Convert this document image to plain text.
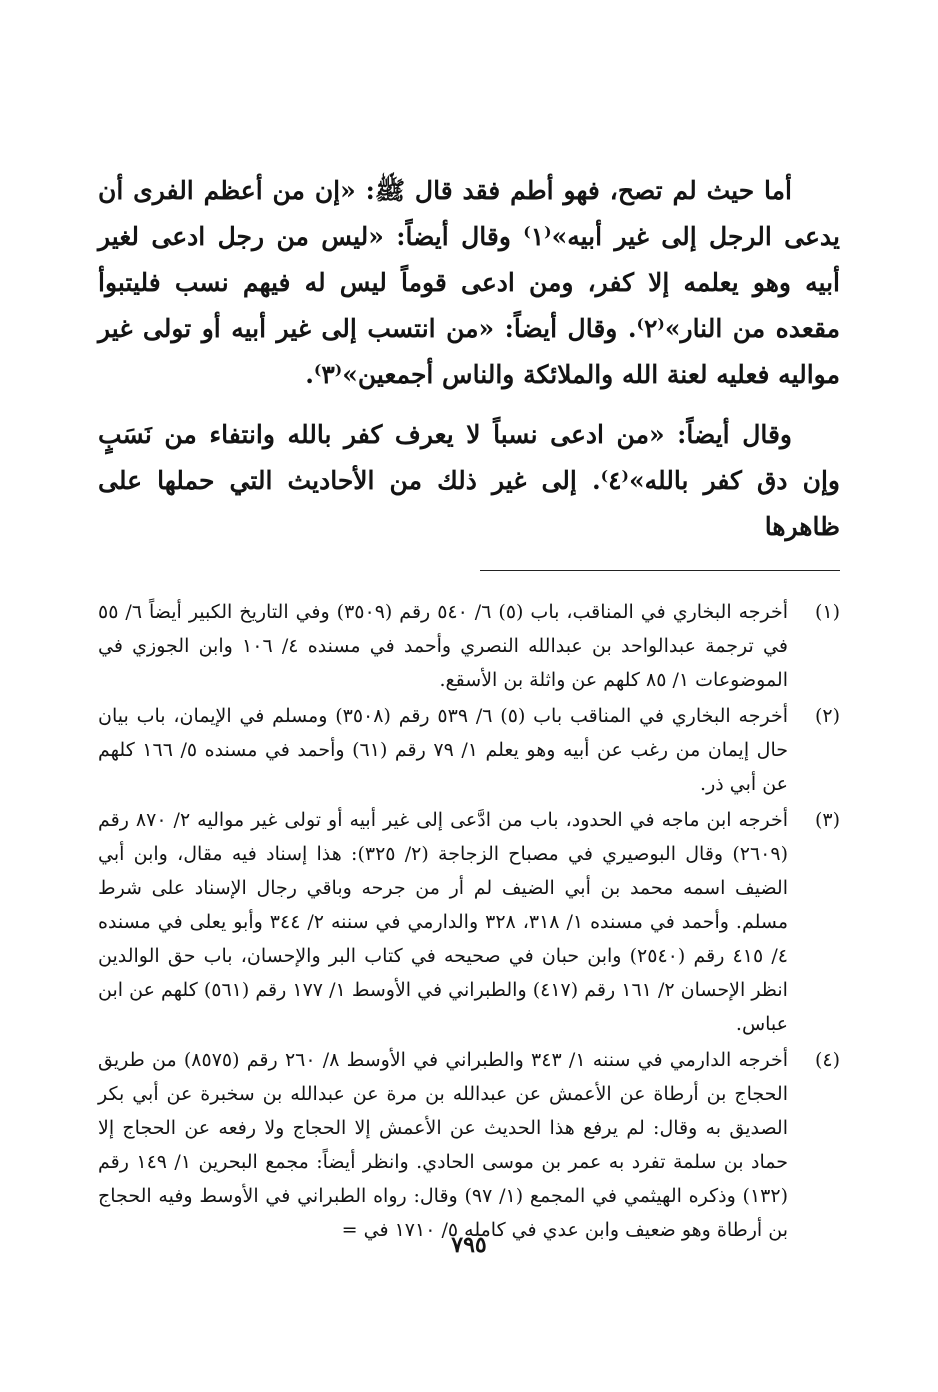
أما حيث لم تصح، فهو أطم فقد قال ﷺ: «إن من أعظم الفرى أن يدعى الرجل إلى غير أبيه»⁽١⁾ وقال أيضاً: «ليس من رجل ادعى لغير أبيه وهو يعلمه إلا كفر، ومن ادعى قوماً ليس له فيهم نسب فليتبوأ مقعده من النار»⁽٢⁾. وقال أيضاً: «من انتسب إلى غير أبيه أو تولى غير مواليه فعليه لعنة الله والملائكة والناس أجمعين»⁽٣⁾.

وقال أيضاً: «من ادعى نسباً لا يعرف كفر بالله وانتفاء من نَسَبٍ وإن دق كفر بالله»⁽٤⁾. إلى غير ذلك من الأحاديث التي حملها على ظاهرها

(١)
أخرجه البخاري في المناقب، باب (٥) ٦/ ٥٤٠ رقم (٣٥٠٩) وفي التاريخ الكبير أيضاً ٦/ ٥٥ في ترجمة عبدالواحد بن عبدالله النصري وأحمد في مسنده ٤/ ١٠٦ وابن الجوزي في الموضوعات ١/ ٨٥ كلهم عن واثلة بن الأسقع.
(٢)
أخرجه البخاري في المناقب باب (٥) ٦/ ٥٣٩ رقم (٣٥٠٨) ومسلم في الإيمان، باب بيان حال إيمان من رغب عن أبيه وهو يعلم ١/ ٧٩ رقم (٦١) وأحمد في مسنده ٥/ ١٦٦ كلهم عن أبي ذر.
(٣)
أخرجه ابن ماجه في الحدود، باب من ادَّعى إلى غير أبيه أو تولى غير مواليه ٢/ ٨٧٠ رقم (٢٦٠٩) وقال البوصيري في مصباح الزجاجة (٢/ ٣٢٥): هذا إسناد فيه مقال، وابن أبي الضيف اسمه محمد بن أبي الضيف لم أر من جرحه وباقي رجال الإسناد على شرط مسلم. وأحمد في مسنده ١/ ٣١٨، ٣٢٨ والدارمي في سننه ٢/ ٣٤٤ وأبو يعلى في مسنده ٤/ ٤١٥ رقم (٢٥٤٠) وابن حبان في صحيحه في كتاب البر والإحسان، باب حق الوالدين انظر الإحسان ٢/ ١٦١ رقم (٤١٧) والطبراني في الأوسط ١/ ١٧٧ رقم (٥٦١) كلهم عن ابن عباس.
(٤)
أخرجه الدارمي في سننه ١/ ٣٤٣ والطبراني في الأوسط ٨/ ٢٦٠ رقم (٨٥٧٥) من طريق الحجاج بن أرطاة عن الأعمش عن عبدالله بن مرة عن عبدالله بن سخبرة عن أبي بكر الصديق به وقال: لم يرفع هذا الحديث عن الأعمش إلا الحجاج ولا رفعه عن الحجاج إلا حماد بن سلمة تفرد به عمر بن موسى الحادي. وانظر أيضاً: مجمع البحرين ١/ ١٤٩ رقم (١٣٢) وذكره الهيثمي في المجمع (١/ ٩٧) وقال: رواه الطبراني في الأوسط وفيه الحجاج بن أرطاة وهو ضعيف وابن عدي في كامله ٥/ ١٧١٠ في =
٧٩٥
